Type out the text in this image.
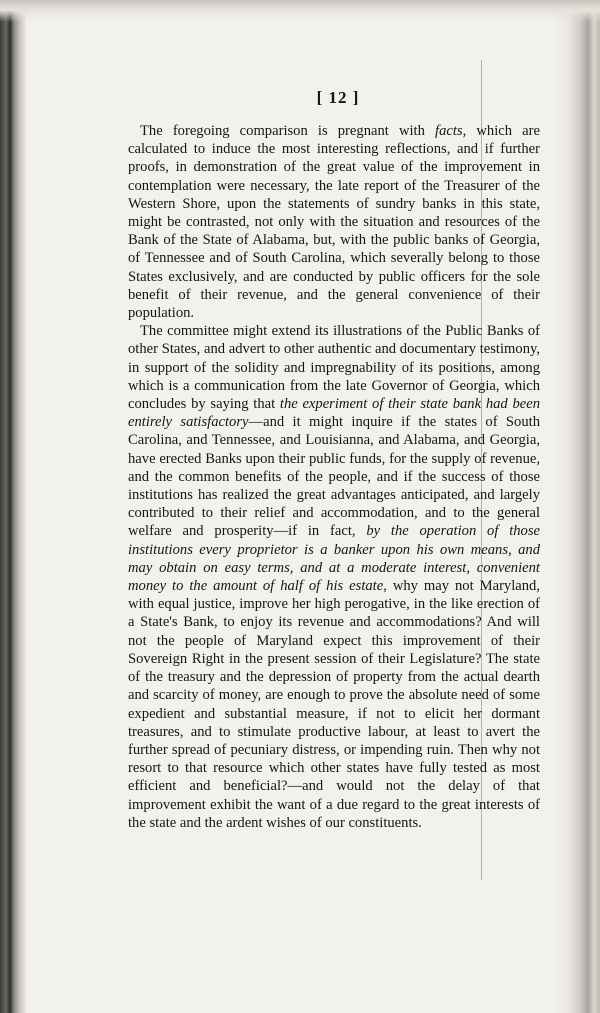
[ 12 ]

The foregoing comparison is pregnant with facts, which are calculated to induce the most interesting reflections, and if further proofs, in demonstration of the great value of the improvement in contemplation were necessary, the late report of the Treasurer of the Western Shore, upon the statements of sundry banks in this state, might be contrasted, not only with the situation and resources of the Bank of the State of Alabama, but, with the public banks of Georgia, of Tennessee and of South Carolina, which severally belong to those States exclusively, and are conducted by public officers for the sole benefit of their revenue, and the general convenience of their population.

The committee might extend its illustrations of the Public Banks of other States, and advert to other authentic and documentary testimony, in support of the solidity and impregnability of its positions, among which is a communication from the late Governor of Georgia, which concludes by saying that the experiment of their state bank had been entirely satisfactory—and it might inquire if the states of South Carolina, and Tennessee, and Louisianna, and Alabama, and Georgia, have erected Banks upon their public funds, for the supply of revenue, and the common benefits of the people, and if the success of those institutions has realized the great advantages anticipated, and largely contributed to their relief and accommodation, and to the general welfare and prosperity—if in fact, by the operation of those institutions every proprietor is a banker upon his own means, and may obtain on easy terms, and at a moderate interest, convenient money to the amount of half of his estate, why may not Maryland, with equal justice, improve her high perogative, in the like erection of a State's Bank, to enjoy its revenue and accommodations? And will not the people of Maryland expect this improvement of their Sovereign Right in the present session of their Legislature? The state of the treasury and the depression of property from the actual dearth and scarcity of money, are enough to prove the absolute need of some expedient and substantial measure, if not to elicit her dormant treasures, and to stimulate productive labour, at least to avert the further spread of pecuniary distress, or impending ruin. Then why not resort to that resource which other states have fully tested as most efficient and beneficial?—and would not the delay of that improvement exhibit the want of a due regard to the great interests of the state and the ardent wishes of our constituents.
